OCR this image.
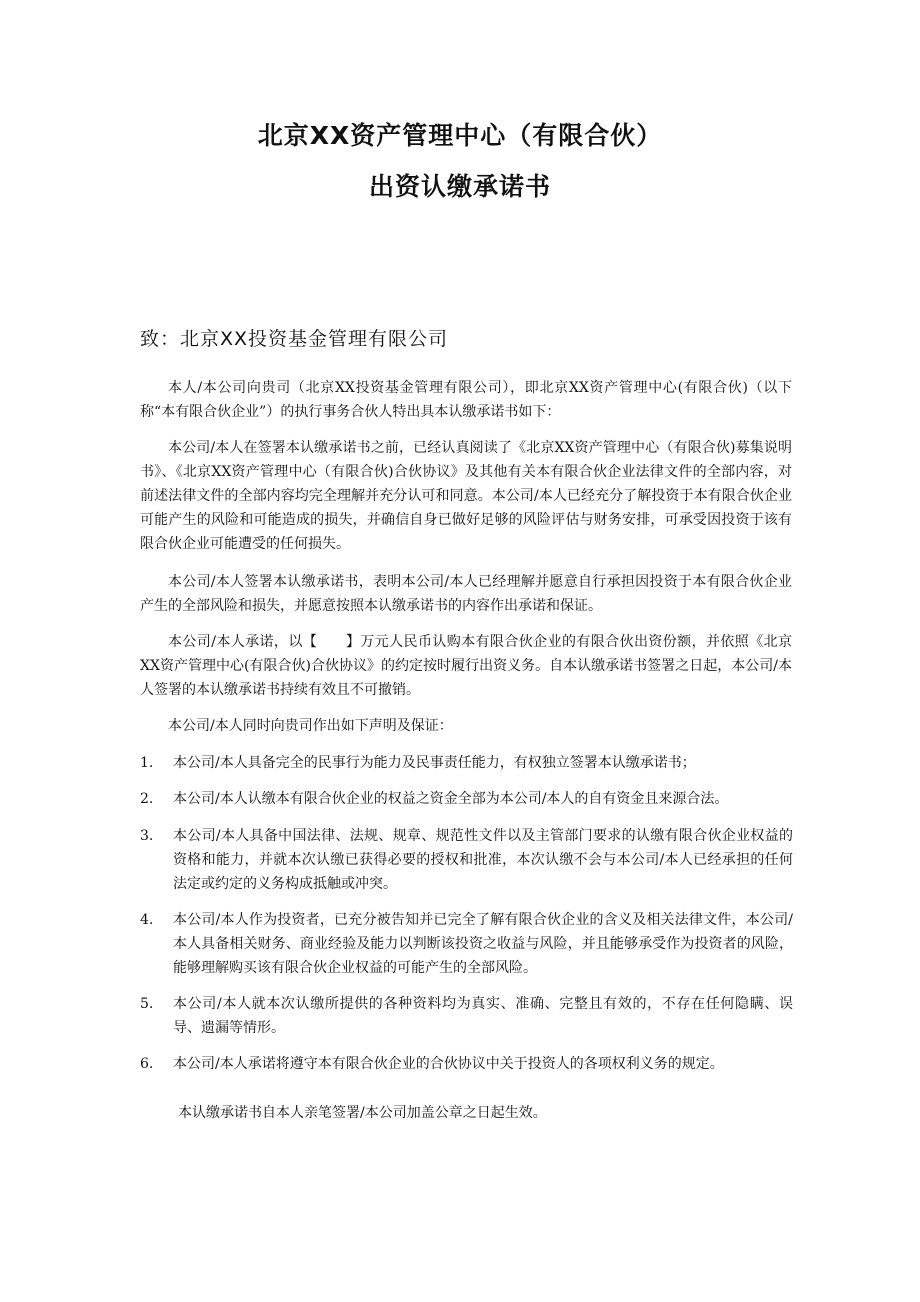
北京XX资产管理中心（有限合伙）
出资认缴承诺书
致：北京XX投资基金管理有限公司

本人/本公司向贵司（北京XX投资基金管理有限公司），即北京XX资产管理中心(有限合伙)（以下称“本有限合伙企业”）的执行事务合伙人特出具本认缴承诺书如下：

本公司/本人在签署本认缴承诺书之前，已经认真阅读了《北京XX资产管理中心（有限合伙)募集说明书》、《北京XX资产管理中心（有限合伙)合伙协议》及其他有关本有限合伙企业法律文件的全部内容，对前述法律文件的全部内容均完全理解并充分认可和同意。本公司/本人已经充分了解投资于本有限合伙企业可能产生的风险和可能造成的损失，并确信自身已做好足够的风险评估与财务安排，可承受因投资于该有限合伙企业可能遭受的任何损失。

本公司/本人签署本认缴承诺书，表明本公司/本人已经理解并愿意自行承担因投资于本有限合伙企业产生的全部风险和损失，并愿意按照本认缴承诺书的内容作出承诺和保证。

本公司/本人承诺，以【　　】万元人民币认购本有限合伙企业的有限合伙出资份额，并依照《北京XX资产管理中心(有限合伙)合伙协议》的约定按时履行出资义务。自本认缴承诺书签署之日起，本公司/本人签署的本认缴承诺书持续有效且不可撤销。

本公司/本人同时向贵司作出如下声明及保证：

1.	本公司/本人具备完全的民事行为能力及民事责任能力，有权独立签署本认缴承诺书；
2.	本公司/本人认缴本有限合伙企业的权益之资金全部为本公司/本人的自有资金且来源合法。
3.	本公司/本人具备中国法律、法规、规章、规范性文件以及主管部门要求的认缴有限合伙企业权益的资格和能力，并就本次认缴已获得必要的授权和批准，本次认缴不会与本公司/本人已经承担的任何法定或约定的义务构成抵触或冲突。
4.	本公司/本人作为投资者，已充分被告知并已完全了解有限合伙企业的含义及相关法律文件，本公司/本人具备相关财务、商业经验及能力以判断该投资之收益与风险，并且能够承受作为投资者的风险，能够理解购买该有限合伙企业权益的可能产生的全部风险。
5.	本公司/本人就本次认缴所提供的各种资料均为真实、准确、完整且有效的，不存在任何隐瞒、误导、遗漏等情形。
6.	本公司/本人承诺将遵守本有限合伙企业的合伙协议中关于投资人的各项权利义务的规定。
本认缴承诺书自本人亲笔签署/本公司加盖公章之日起生效。
